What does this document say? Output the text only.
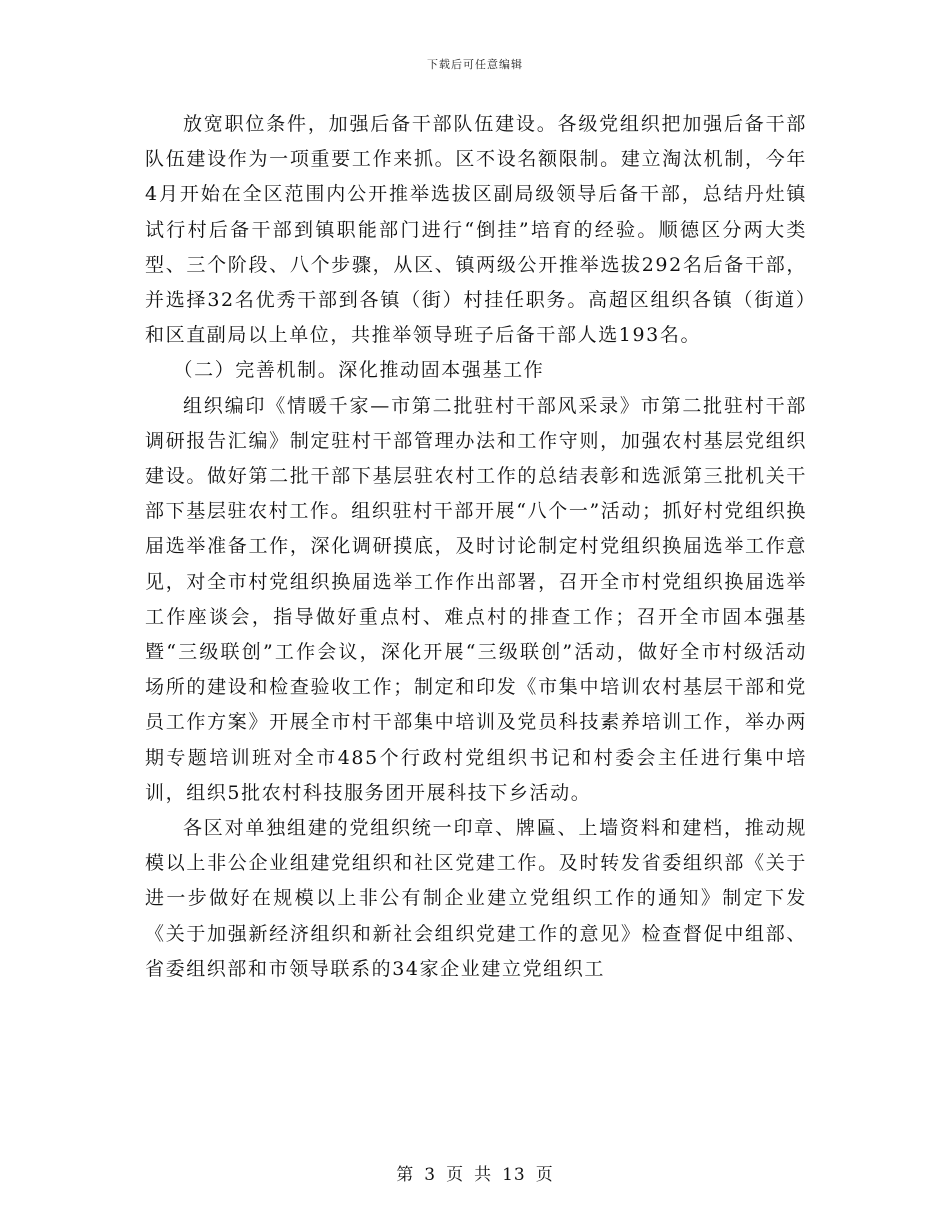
下载后可任意编辑

放宽职位条件，加强后备干部队伍建设。各级党组织把加强后备干部队伍建设作为一项重要工作来抓。区不设名额限制。建立淘汰机制，今年4月开始在全区范围内公开推举选拔区副局级领导后备干部，总结丹灶镇试行村后备干部到镇职能部门进行“倒挂”培育的经验。顺德区分两大类型、三个阶段、八个步骤，从区、镇两级公开推举选拔292名后备干部，并选择32名优秀干部到各镇（街）村挂任职务。高超区组织各镇（街道）和区直副局以上单位，共推举领导班子后备干部人选193名。

（二）完善机制。深化推动固本强基工作

组织编印《情暖千家—市第二批驻村干部风采录》市第二批驻村干部调研报告汇编》制定驻村干部管理办法和工作守则，加强农村基层党组织建设。做好第二批干部下基层驻农村工作的总结表彰和选派第三批机关干部下基层驻农村工作。组织驻村干部开展“八个一”活动；抓好村党组织换届选举准备工作，深化调研摸底，及时讨论制定村党组织换届选举工作意见，对全市村党组织换届选举工作作出部署，召开全市村党组织换届选举工作座谈会，指导做好重点村、难点村的排查工作；召开全市固本强基暨“三级联创”工作会议，深化开展“三级联创”活动，做好全市村级活动场所的建设和检查验收工作；制定和印发《市集中培训农村基层干部和党员工作方案》开展全市村干部集中培训及党员科技素养培训工作，举办两期专题培训班对全市485个行政村党组织书记和村委会主任进行集中培训，组织5批农村科技服务团开展科技下乡活动。

各区对单独组建的党组织统一印章、牌匾、上墙资料和建档，推动规模以上非公企业组建党组织和社区党建工作。及时转发省委组织部《关于进一步做好在规模以上非公有制企业建立党组织工作的通知》制定下发《关于加强新经济组织和新社会组织党建工作的意见》检查督促中组部、省委组织部和市领导联系的34家企业建立党组织工

第 3 页 共 13 页
